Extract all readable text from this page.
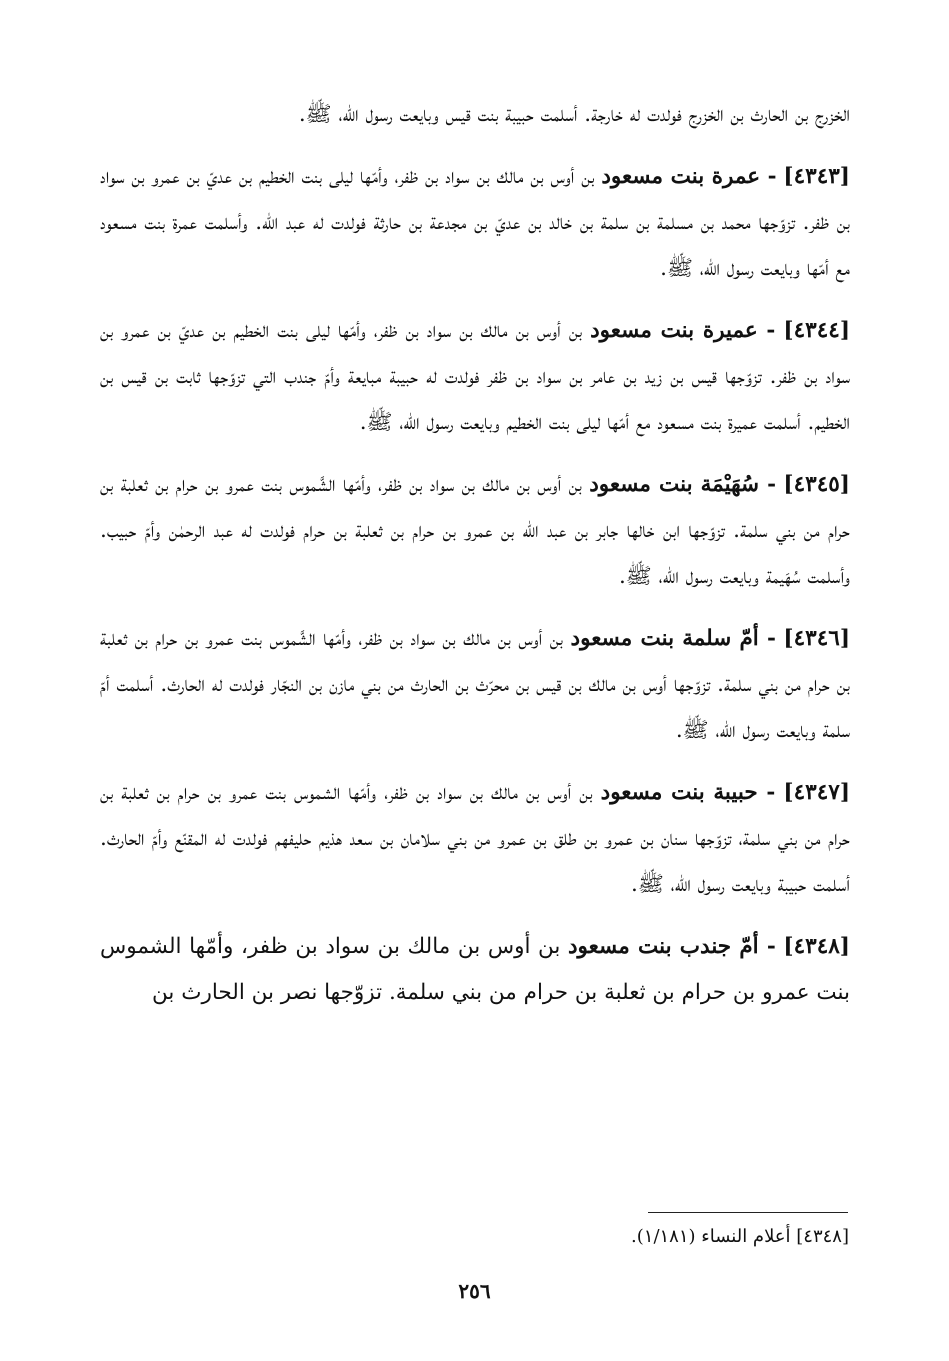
الخزرج بن الحارث بن الخزرج فولدت له خارجة. أسلمت حبيبة بنت قيس وبايعت رسول الله، ﷺ.

[٤٣٤٣] - عمرة بنت مسعود بن أوس بن مالك بن سواد بن ظفر، وأمّها ليلى بنت الخطيم بن عديّ بن عمرو بن سواد بن ظفر. تزوّجها محمد بن مسلمة بن سلمة بن خالد بن عديّ بن مجدعة بن حارثة فولدت له عبد الله. وأسلمت عمرة بنت مسعود مع أمّها وبايعت رسول الله، ﷺ.

[٤٣٤٤] - عميرة بنت مسعود بن أوس بن مالك بن سواد بن ظفر، وأمّها ليلى بنت الخطيم بن عديّ بن عمرو بن سواد بن ظفر. تزوّجها قيس بن زيد بن عامر بن سواد بن ظفر فولدت له حبيبة مبايعة وأمّ جندب التي تزوّجها ثابت بن قيس بن الخطيم. أسلمت عميرة بنت مسعود مع أمّها ليلى بنت الخطيم وبايعت رسول الله، ﷺ.

[٤٣٤٥] - سُهَيْمَة بنت مسعود بن أوس بن مالك بن سواد بن ظفر، وأمّها الشَّموس بنت عمرو بن حرام بن ثعلبة بن حرام من بني سلمة. تزوّجها ابن خالها جابر بن عبد الله بن عمرو بن حرام بن ثعلبة بن حرام فولدت له عبد الرحمٰن وأمّ حبيب. وأسلمت سُهَيمة وبايعت رسول الله، ﷺ.

[٤٣٤٦] - أمّ سلمة بنت مسعود بن أوس بن مالك بن سواد بن ظفر، وأمّها الشَّموس بنت عمرو بن حرام بن ثعلبة بن حرام من بني سلمة. تزوّجها أوس بن مالك بن قيس بن محرّث بن الحارث من بني مازن بن النجّار فولدت له الحارث. أسلمت أمّ سلمة وبايعت رسول الله، ﷺ.

[٤٣٤٧] - حبيبة بنت مسعود بن أوس بن مالك بن سواد بن ظفر، وأمّها الشموس بنت عمرو بن حرام بن ثعلبة بن حرام من بني سلمة، تزوّجها سنان بن عمرو بن طلق بن عمرو من بني سلامان بن سعد هذيم حليفهم فولدت له المقنّع وأمّ الحارث. أسلمت حبيبة وبايعت رسول الله، ﷺ.

[٤٣٤٨] - أمّ جندب بنت مسعود بن أوس بن مالك بن سواد بن ظفر، وأمّها الشموس بنت عمرو بن حرام بن ثعلبة بن حرام من بني سلمة. تزوّجها نصر بن الحارث بن

[٤٣٤٨] أعلام النساء (١/١٨١).
٢٥٦
